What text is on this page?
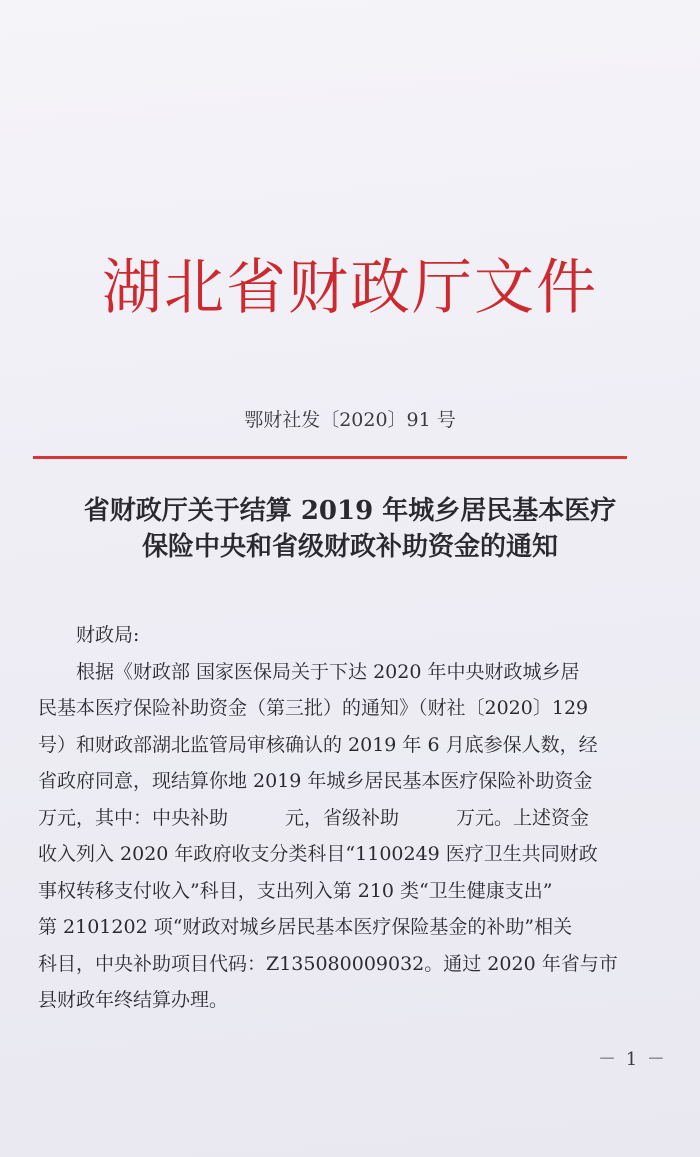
湖北省财政厅文件
鄂财社发〔2020〕91 号
省财政厅关于结算 2019 年城乡居民基本医疗
保险中央和省级财政补助资金的通知
财政局:
根据《财政部 国家医保局关于下达 2020 年中央财政城乡居
民基本医疗保险补助资金（第三批）的通知》（财社〔2020〕129
号）和财政部湖北监管局审核确认的 2019 年 6 月底参保人数，经
省政府同意，现结算你地 2019 年城乡居民基本医疗保险补助资金
万元，其中：中央补助　　　元，省级补助　　　万元。上述资金
收入列入 2020 年政府收支分类科目“1100249 医疗卫生共同财政
事权转移支付收入”科目，支出列入第 210 类“卫生健康支出”
第 2101202 项“财政对城乡居民基本医疗保险基金的补助”相关
科目，中央补助项目代码：Z135080009032。通过 2020 年省与市
县财政年终结算办理。
－ 1 －
